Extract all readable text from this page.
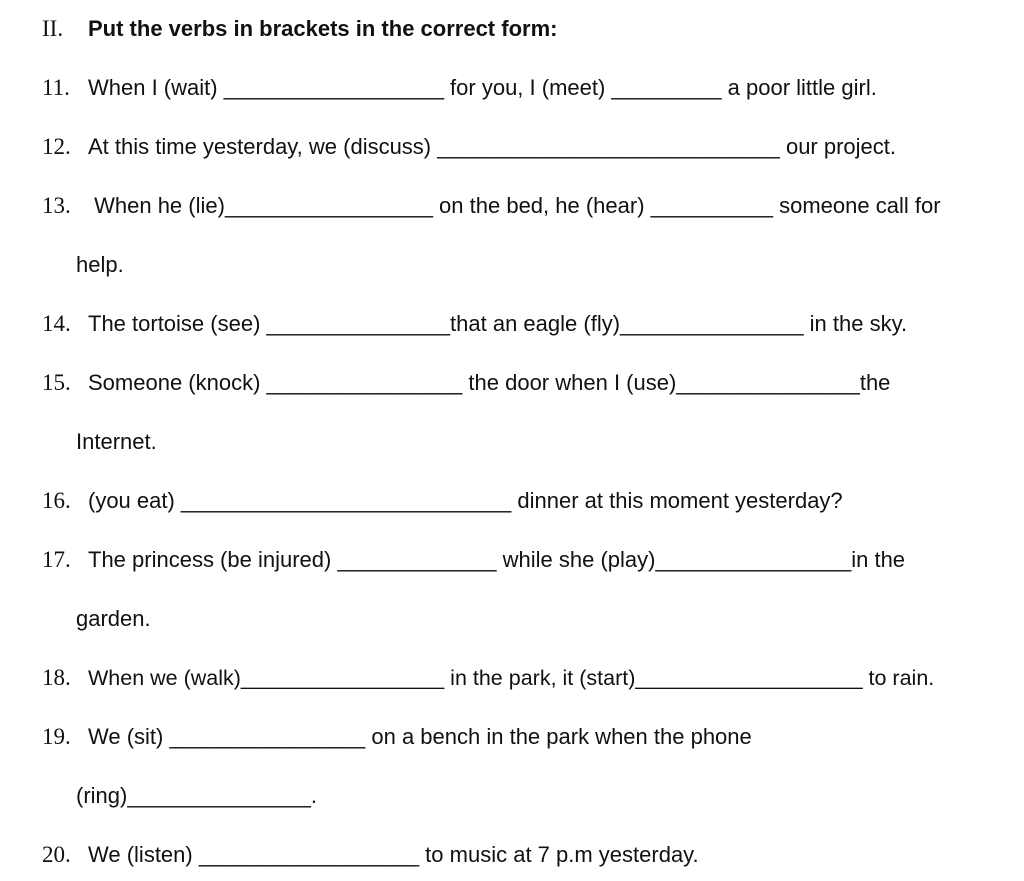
II. Put the verbs in brackets in the correct form:
11. When I (wait) __________________ for you, I (meet) _________ a poor little girl.
12. At this time yesterday, we (discuss) ____________________________ our project.
13. When he (lie)_________________ on the bed, he (hear) __________ someone call for
help.
14. The tortoise (see) _______________that an eagle (fly)_______________ in the sky.
15. Someone (knock) ________________ the door when I (use)_______________the
Internet.
16. (you eat) ___________________________ dinner at this moment yesterday?
17. The princess (be injured) _____________ while she (play)________________in the
garden.
18. When we (walk)_________________ in the park, it (start)___________________ to rain.
19. We (sit) ________________ on a bench in the park when the phone
(ring)_______________.
20. We (listen) __________________ to music at 7 p.m yesterday.
